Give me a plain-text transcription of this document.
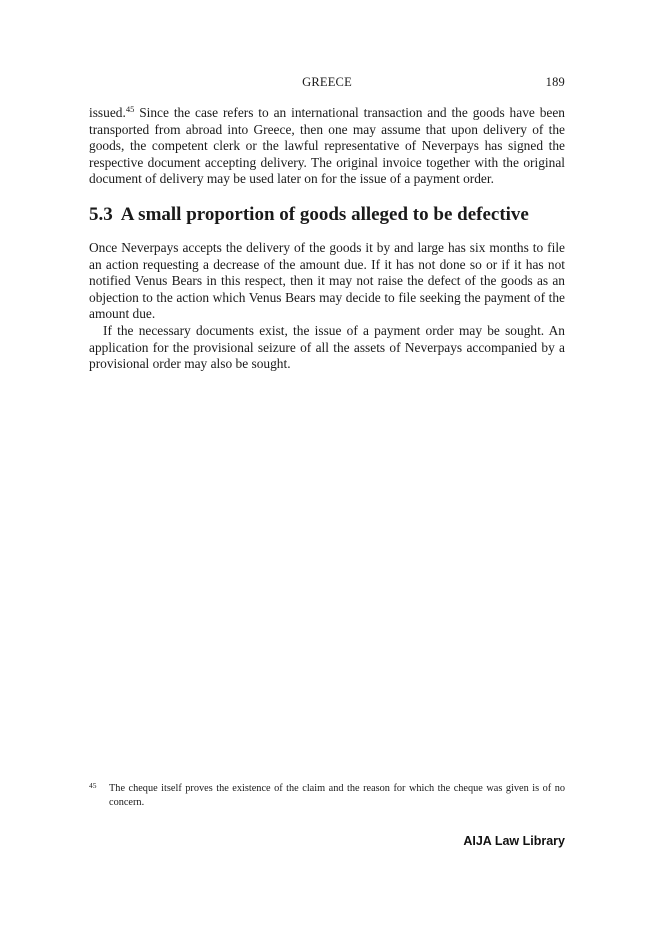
GREECE	189

issued.$^{45}$ Since the case refers to an international transaction and the goods have been transported from abroad into Greece, then one may assume that upon delivery of the goods, the competent clerk or the lawful representative of Neverpays has signed the respective document accepting delivery. The original invoice together with the original document of delivery may be used later on for the issue of a payment order.

5.3 A small proportion of goods alleged to be defective

Once Neverpays accepts the delivery of the goods it by and large has six months to file an action requesting a decrease of the amount due. If it has not done so or if it has not notified Venus Bears in this respect, then it may not raise the defect of the goods as an objection to the action which Venus Bears may decide to file seeking the payment of the amount due.

If the necessary documents exist, the issue of a payment order may be sought. An application for the provisional seizure of all the assets of Neverpays accompanied by a provisional order may also be sought.

45 The cheque itself proves the existence of the claim and the reason for which the cheque was given is of no concern.
AIJA Law Library
